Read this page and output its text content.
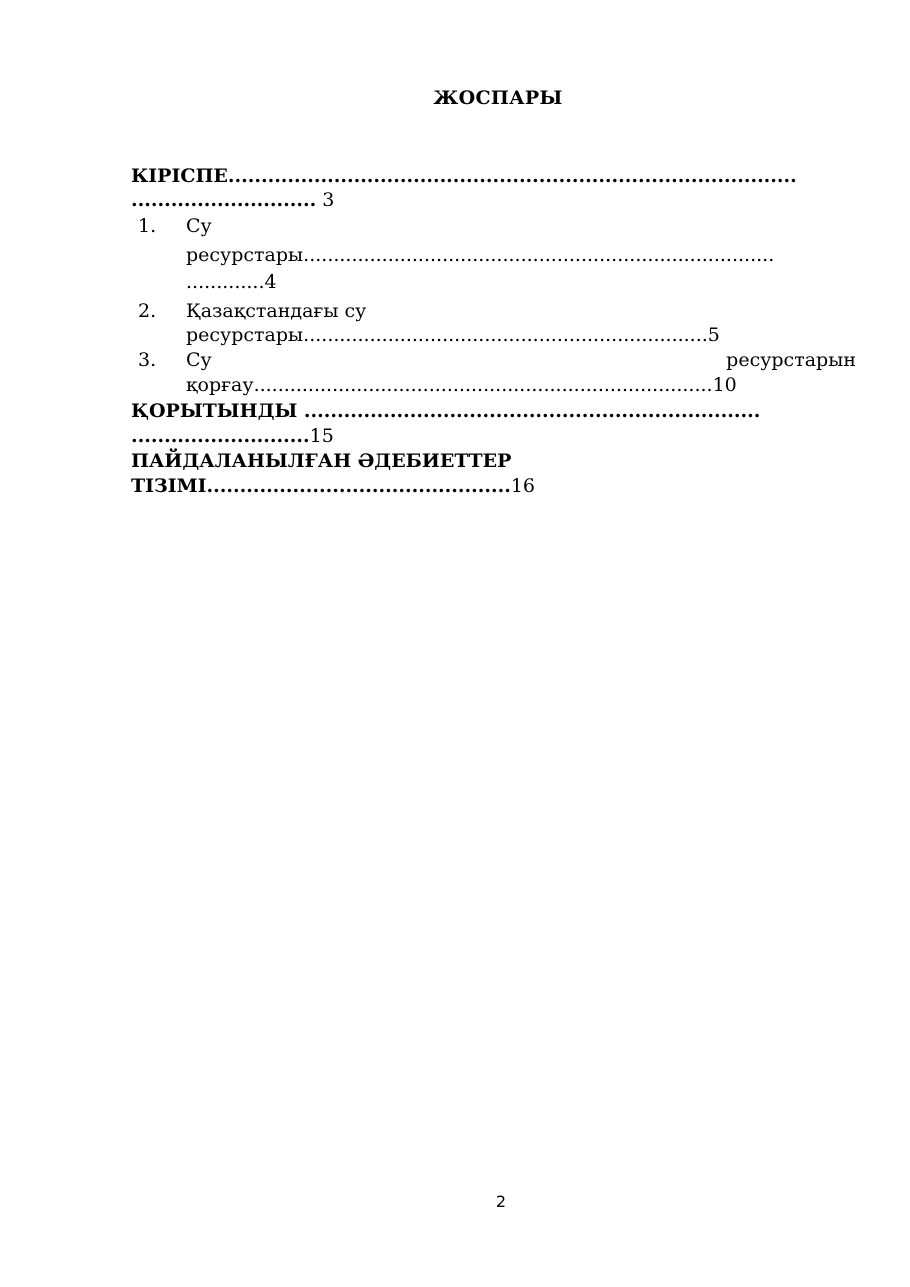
ЖОСПАРЫ
КІРІСПЕ......................................................................................
............................ 3
1. Су
ресурстары..............................................................................
.............4
2. Қазақстандағы су
ресурстары...................................................................5
3. Су	ресурстарын
қорғау............................................................................10
ҚОРЫТЫНДЫ .....................................................................
...........................15
ПАЙДАЛАНЫЛҒАН ӘДЕБИЕТТЕР
ТІЗІМІ..............................................16
2
